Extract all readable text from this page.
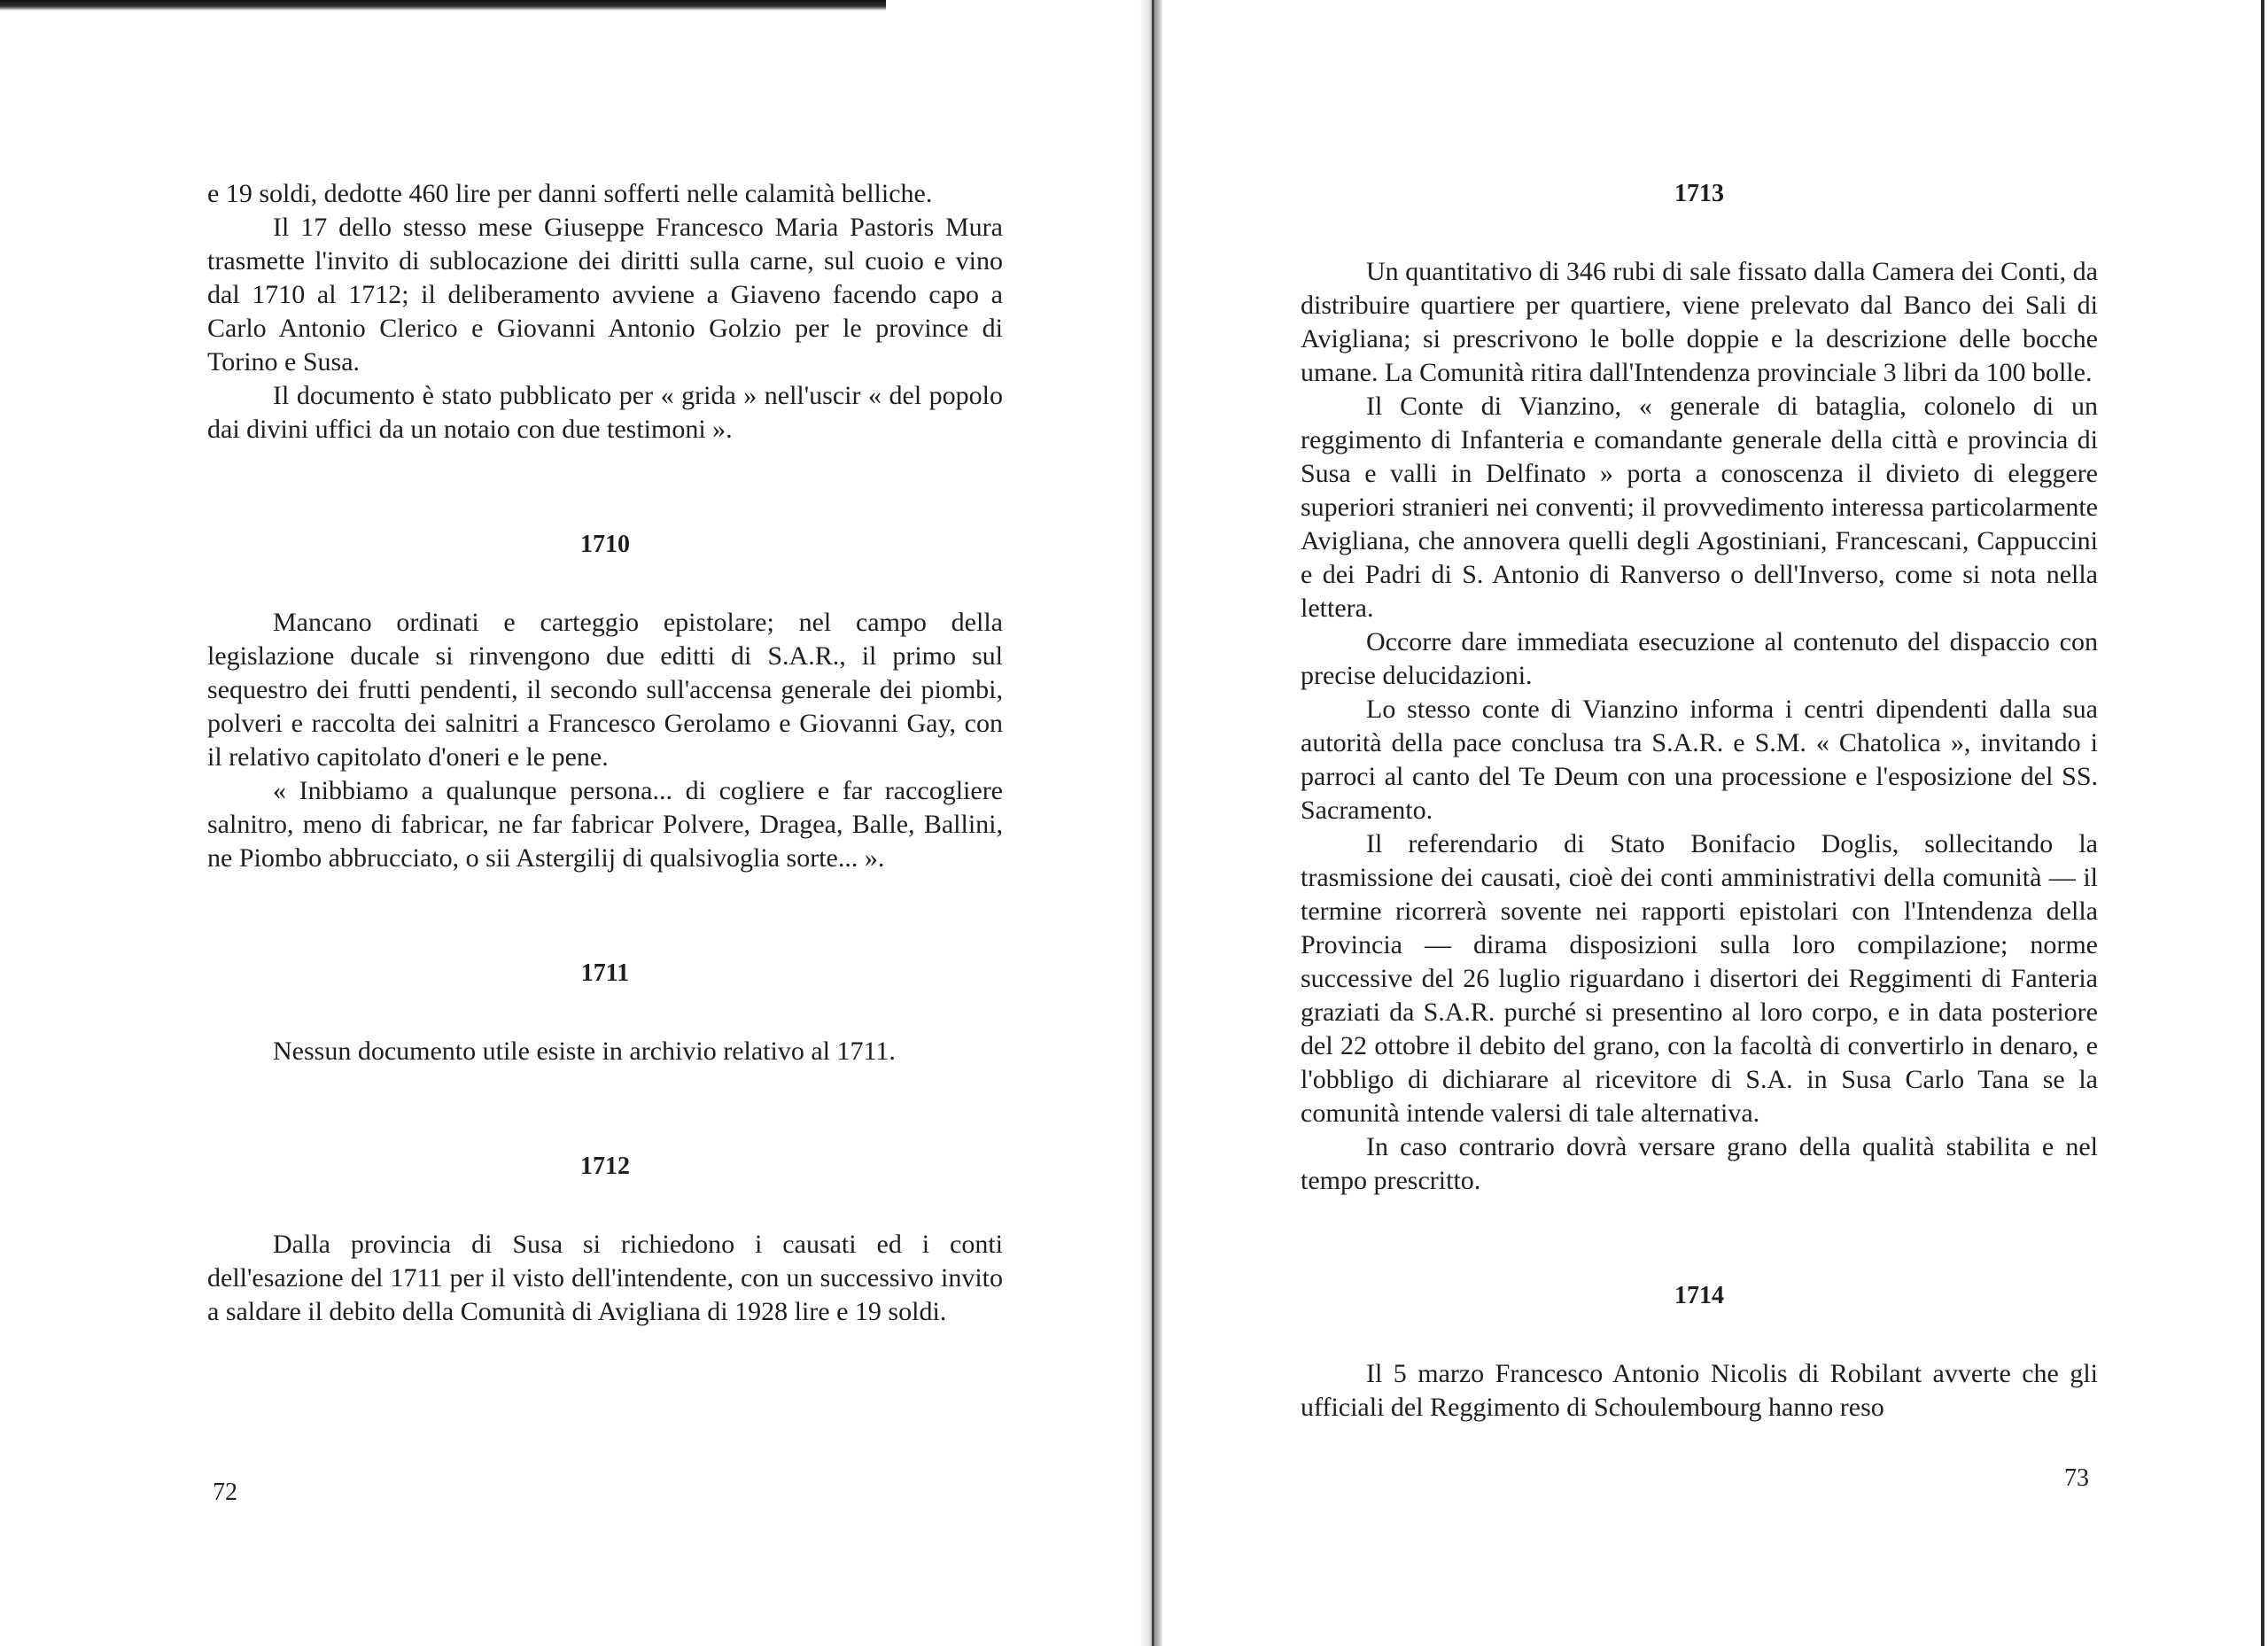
e 19 soldi, dedotte 460 lire per danni sofferti nelle calamità belliche.

Il 17 dello stesso mese Giuseppe Francesco Maria Pastoris Mura trasmette l'invito di sublocazione dei diritti sulla carne, sul cuoio e vino dal 1710 al 1712; il deliberamento avviene a Giaveno facendo capo a Carlo Antonio Clerico e Giovanni Antonio Golzio per le province di Torino e Susa.

Il documento è stato pubblicato per « grida » nell'uscir « del popolo dai divini uffici da un notaio con due testimoni ».

1710

Mancano ordinati e carteggio epistolare; nel campo della legislazione ducale si rinvengono due editti di S.A.R., il primo sul sequestro dei frutti pendenti, il secondo sull'accensa generale dei piombi, polveri e raccolta dei salnitri a Francesco Gerolamo e Giovanni Gay, con il relativo capitolato d'oneri e le pene.

« Inibbiamo a qualunque persona... di cogliere e far raccogliere salnitro, meno di fabricar, ne far fabricar Polvere, Dragea, Balle, Ballini, ne Piombo abbrucciato, o sii Astergilij di qualsivoglia sorte... ».

1711

Nessun documento utile esiste in archivio relativo al 1711.

1712

Dalla provincia di Susa si richiedono i causati ed i conti dell'esazione del 1711 per il visto dell'intendente, con un successivo invito a saldare il debito della Comunità di Avigliana di 1928 lire e 19 soldi.

72
1713

Un quantitativo di 346 rubi di sale fissato dalla Camera dei Conti, da distribuire quartiere per quartiere, viene prelevato dal Banco dei Sali di Avigliana; si prescrivono le bolle doppie e la descrizione delle bocche umane. La Comunità ritira dall'Intendenza provinciale 3 libri da 100 bolle.

Il Conte di Vianzino, « generale di bataglia, colonelo di un reggimento di Infanteria e comandante generale della città e provincia di Susa e valli in Delfinato » porta a conoscenza il divieto di eleggere superiori stranieri nei conventi; il provvedimento interessa particolarmente Avigliana, che annovera quelli degli Agostiniani, Francescani, Cappuccini e dei Padri di S. Antonio di Ranverso o dell'Inverso, come si nota nella lettera.

Occorre dare immediata esecuzione al contenuto del dispaccio con precise delucidazioni.

Lo stesso conte di Vianzino informa i centri dipendenti dalla sua autorità della pace conclusa tra S.A.R. e S.M. « Chatolica », invitando i parroci al canto del Te Deum con una processione e l'esposizione del SS. Sacramento.

Il referendario di Stato Bonifacio Doglis, sollecitando la trasmissione dei causati, cioè dei conti amministrativi della comunità — il termine ricorrerà sovente nei rapporti epistolari con l'Intendenza della Provincia — dirama disposizioni sulla loro compilazione; norme successive del 26 luglio riguardano i disertori dei Reggimenti di Fanteria graziati da S.A.R. purché si presentino al loro corpo, e in data posteriore del 22 ottobre il debito del grano, con la facoltà di convertirlo in denaro, e l'obbligo di dichiarare al ricevitore di S.A. in Susa Carlo Tana se la comunità intende valersi di tale alternativa.

In caso contrario dovrà versare grano della qualità stabilita e nel tempo prescritto.

1714

Il 5 marzo Francesco Antonio Nicolis di Robilant avverte che gli ufficiali del Reggimento di Schoulembourg hanno reso

73
